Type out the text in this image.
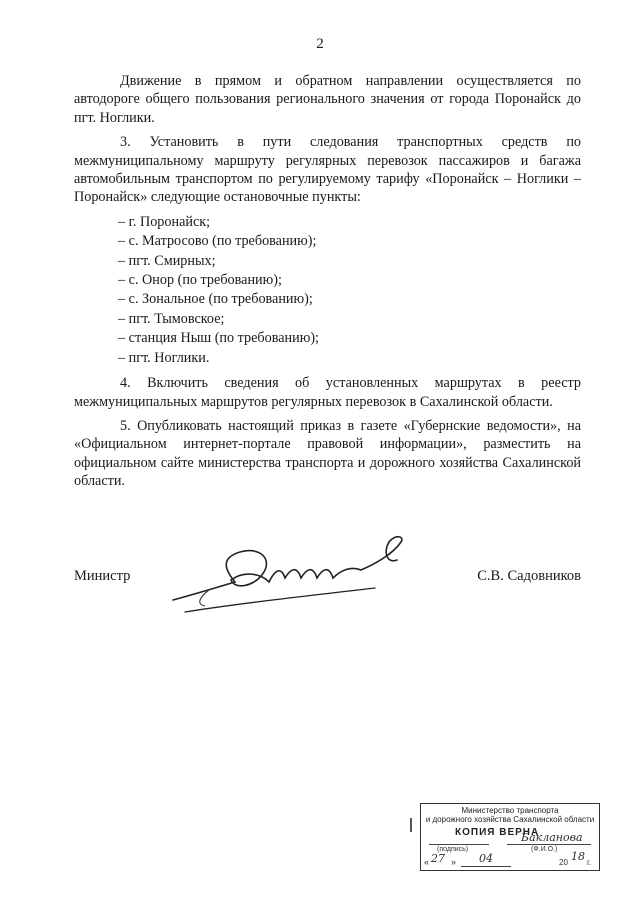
2

Движение в прямом и обратном направлении осуществляется по автодороге общего пользования регионального значения от города Поронайск до пгт. Ноглики.

3. Установить в пути следования транспортных средств по межмуниципальному маршруту регулярных перевозок пассажиров и багажа автомобильным транспортом по регулируемому тарифу «Поронайск – Ноглики – Поронайск» следующие остановочные пункты:

– г. Поронайск;
– с. Матросово (по требованию);
– пгт. Смирных;
– с. Онор (по требованию);
– с. Зональное (по требованию);
– пгт. Тымовское;
– станция Ныш (по требованию);
– пгт. Ноглики.

4. Включить сведения об установленных маршрутах в реестр межмуниципальных маршрутов регулярных перевозок в Сахалинской области.

5. Опубликовать настоящий приказ в газете «Губернские ведомости», на «Официальном интернет-портале правовой информации», разместить на официальном сайте министерства транспорта и дорожного хозяйства Сахалинской области.

Министр	С.В. Садовников
Министерство транспорта
и дорожного хозяйства Сахалинской области
КОПИЯ ВЕРНА
Бакланова
(подпись)	(Ф.И.О.)
« 27 » 04	20 18 г.
